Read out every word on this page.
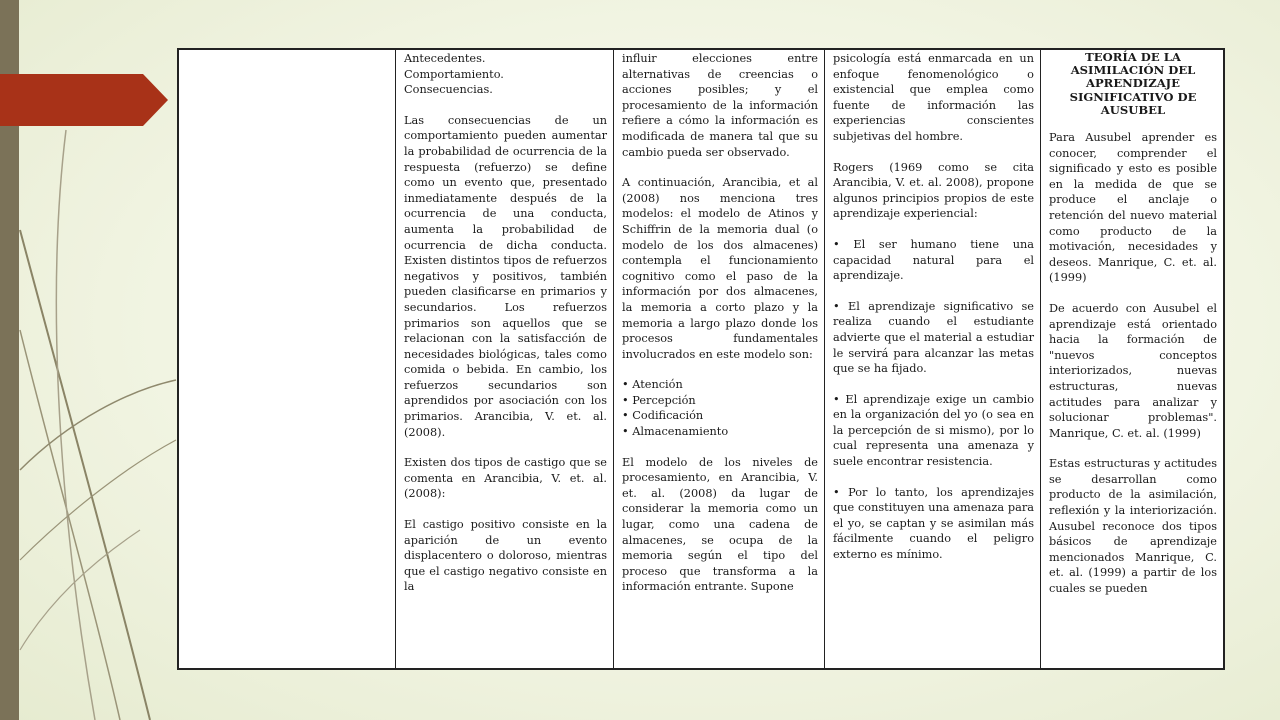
Antecedentes.

Comportamiento.

Consecuencias.

Las consecuencias de un comportamiento pueden aumentar la probabilidad de ocurrencia de la respuesta (refuerzo) se define como un evento que, presentado inmediatamente después de la ocurrencia de una conducta, aumenta la probabilidad de ocurrencia de dicha conducta. Existen distintos tipos de refuerzos negativos y positivos, también pueden clasificarse en primarios y secundarios. Los refuerzos primarios son aquellos que se relacionan con la satisfacción de necesidades biológicas, tales como comida o bebida. En cambio, los refuerzos secundarios son aprendidos por asociación con los primarios. Arancibia, V. et. al. (2008).

Existen dos tipos de castigo que se comenta en Arancibia, V. et. al. (2008):

El castigo positivo consiste en la aparición de un evento displacentero o doloroso, mientras que el castigo negativo consiste en la

influir elecciones entre alternativas de creencias o acciones posibles; y el procesamiento de la información refiere a cómo la información es modificada de manera tal que su cambio pueda ser observado.

A continuación, Arancibia, et al (2008) nos menciona tres modelos: el modelo de Atinos y Schiffrin de la memoria dual (o modelo de los dos almacenes) contempla el funcionamiento cognitivo como el paso de la información por dos almacenes, la memoria a corto plazo y la memoria a largo plazo donde los procesos fundamentales involucrados en este modelo son:

• Atención
• Percepción
• Codificación
• Almacenamiento

El modelo de los niveles de procesamiento, en Arancibia, V. et. al. (2008) da lugar de considerar la memoria como un lugar, como una cadena de almacenes, se ocupa de la memoria según el tipo del proceso que transforma a la información entrante. Supone

psicología está enmarcada en un enfoque fenomenológico o existencial que emplea como fuente de información las experiencias conscientes subjetivas del hombre.

Rogers (1969 como se cita Arancibia, V. et. al. 2008), propone algunos principios propios de este aprendizaje experiencial:

• El ser humano tiene una capacidad natural para el aprendizaje.

• El aprendizaje significativo se realiza cuando el estudiante advierte que el material a estudiar le servirá para alcanzar las metas que se ha fijado.

• El aprendizaje exige un cambio en la organización del yo (o sea en la percepción de si mismo), por lo cual representa una amenaza y suele encontrar resistencia.

• Por lo tanto, los aprendizajes que constituyen una amenaza para el yo, se captan y se asimilan más fácilmente cuando el peligro externo es mínimo.

TEORÍA DE LA ASIMILACIÓN DEL APRENDIZAJE SIGNIFICATIVO DE AUSUBEL

Para Ausubel aprender es conocer, comprender el significado y esto es posible en la medida de que se produce el anclaje o retención del nuevo material como producto de la motivación, necesidades y deseos. Manrique, C. et. al. (1999)

De acuerdo con Ausubel el aprendizaje está orientado hacia la formación de "nuevos conceptos interiorizados, nuevas estructuras, nuevas actitudes para analizar y solucionar problemas". Manrique, C. et. al. (1999)

Estas estructuras y actitudes se desarrollan como producto de la asimilación, reflexión y la interiorización. Ausubel reconoce dos tipos básicos de aprendizaje mencionados Manrique, C. et. al. (1999) a partir de los cuales se pueden
